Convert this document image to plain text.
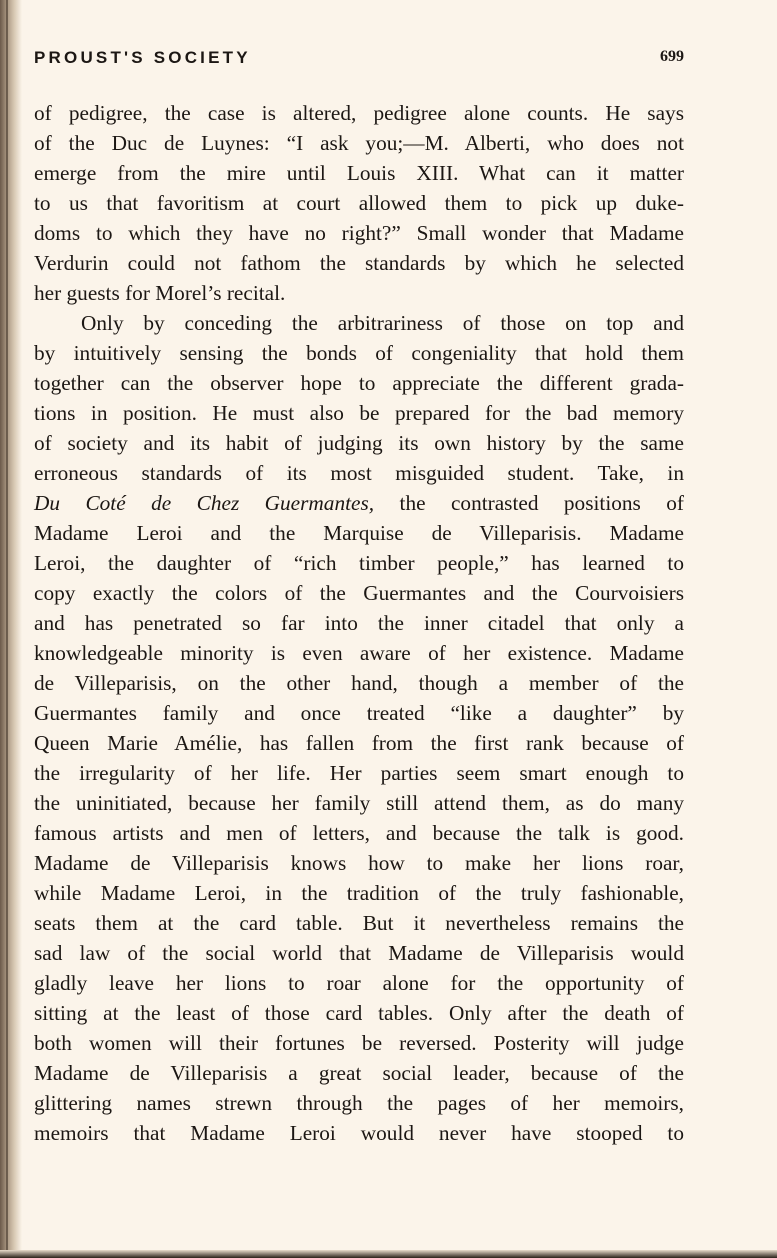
PROUST'S SOCIETY	699
of pedigree, the case is altered, pedigree alone counts. He says
of the Duc de Luynes: “I ask you;—M. Alberti, who does not
emerge from the mire until Louis XIII. What can it matter
to us that favoritism at court allowed them to pick up duke-
doms to which they have no right?” Small wonder that Madame
Verdurin could not fathom the standards by which he selected
her guests for Morel’s recital.
Only by conceding the arbitrariness of those on top and
by intuitively sensing the bonds of congeniality that hold them
together can the observer hope to appreciate the different grada-
tions in position. He must also be prepared for the bad memory
of society and its habit of judging its own history by the same
erroneous standards of its most misguided student. Take, in
Du Coté de Chez Guermantes, the contrasted positions of
Madame Leroi and the Marquise de Villeparisis. Madame
Leroi, the daughter of “rich timber people,” has learned to
copy exactly the colors of the Guermantes and the Courvoisiers
and has penetrated so far into the inner citadel that only a
knowledgeable minority is even aware of her existence. Madame
de Villeparisis, on the other hand, though a member of the
Guermantes family and once treated “like a daughter” by
Queen Marie Amélie, has fallen from the first rank because of
the irregularity of her life. Her parties seem smart enough to
the uninitiated, because her family still attend them, as do many
famous artists and men of letters, and because the talk is good.
Madame de Villeparisis knows how to make her lions roar,
while Madame Leroi, in the tradition of the truly fashionable,
seats them at the card table. But it nevertheless remains the
sad law of the social world that Madame de Villeparisis would
gladly leave her lions to roar alone for the opportunity of
sitting at the least of those card tables. Only after the death of
both women will their fortunes be reversed. Posterity will judge
Madame de Villeparisis a great social leader, because of the
glittering names strewn through the pages of her memoirs,
memoirs that Madame Leroi would never have stooped to
